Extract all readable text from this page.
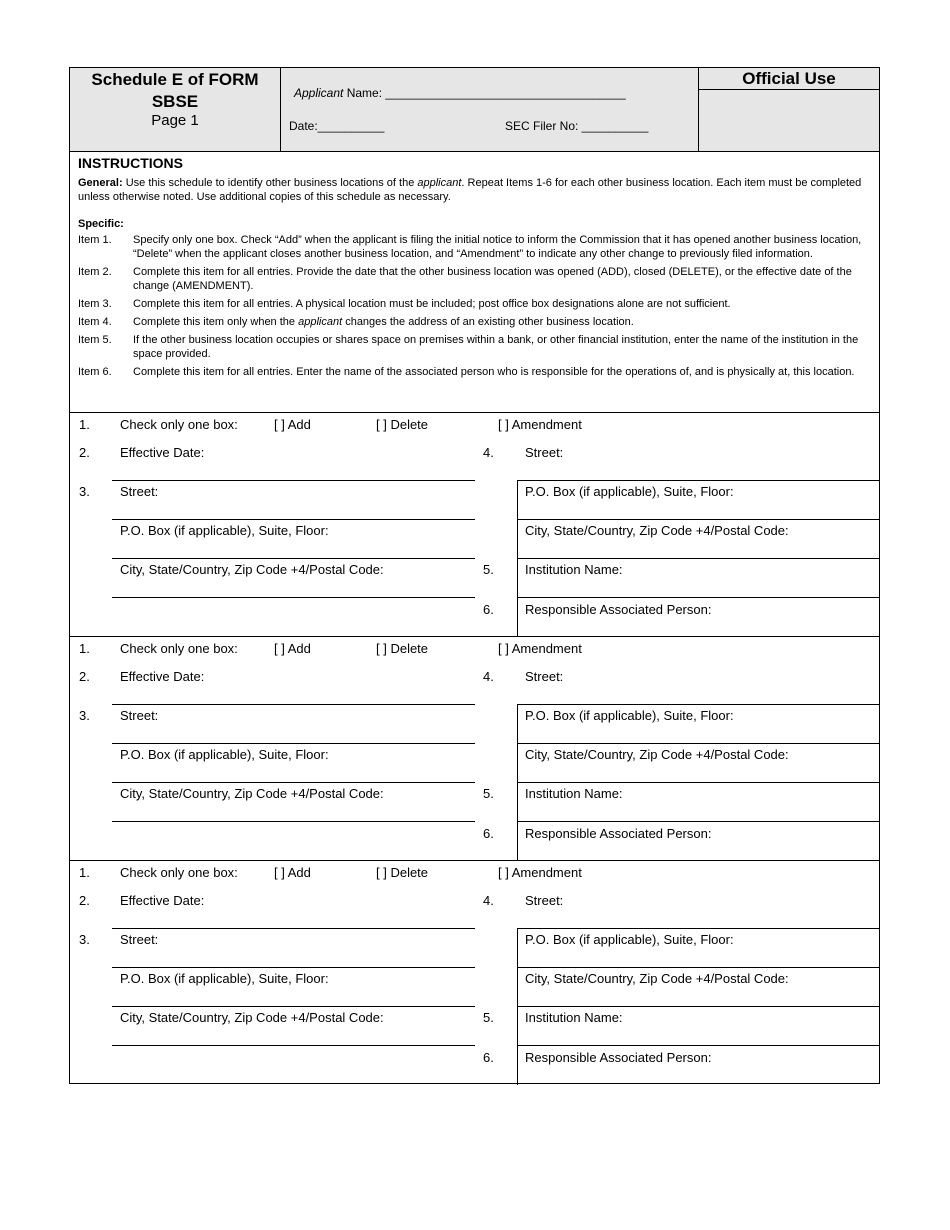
Schedule E of FORM
SBSE
Page 1
Applicant Name: ____________________________________
Date:__________	SEC Filer No: __________
Official Use
INSTRUCTIONS

General: Use this schedule to identify other business locations of the applicant. Repeat Items 1-6 for each other business location. Each item must be completed unless otherwise noted. Use additional copies of this schedule as necessary.

Specific:

Item 1.	Specify only one box. Check “Add” when the applicant is filing the initial notice to inform the Commission that it has opened another business location, “Delete” when the applicant closes another business location, and “Amendment” to indicate any other change to previously filed information.
Item 2.	Complete this item for all entries. Provide the date that the other business location was opened (ADD), closed (DELETE), or the effective date of the change (AMENDMENT).
Item 3.	Complete this item for all entries. A physical location must be included; post office box designations alone are not sufficient.
Item 4.	Complete this item only when the applicant changes the address of an existing other business location.
Item 5.	If the other business location occupies or shares space on premises within a bank, or other financial institution, enter the name of the institution in the space provided.
Item 6.	Complete this item for all entries. Enter the name of the associated person who is responsible for the operations of, and is physically at, this location.
1. Check only one box:	[ ] Add	[ ] Delete	[ ] Amendment
2. Effective Date:
3. Street:
P.O. Box (if applicable), Suite, Floor:
City, State/Country, Zip Code +4/Postal Code:
4. Street:
P.O. Box (if applicable), Suite, Floor:
City, State/Country, Zip Code +4/Postal Code:
5. Institution Name:
6. Responsible Associated Person:
1. Check only one box:	[ ] Add	[ ] Delete	[ ] Amendment
2. Effective Date:
3. Street:
P.O. Box (if applicable), Suite, Floor:
City, State/Country, Zip Code +4/Postal Code:
4. Street:
P.O. Box (if applicable), Suite, Floor:
City, State/Country, Zip Code +4/Postal Code:
5. Institution Name:
6. Responsible Associated Person:
1. Check only one box:	[ ] Add	[ ] Delete	[ ] Amendment
2. Effective Date:
3. Street:
P.O. Box (if applicable), Suite, Floor:
City, State/Country, Zip Code +4/Postal Code:
4. Street:
P.O. Box (if applicable), Suite, Floor:
City, State/Country, Zip Code +4/Postal Code:
5. Institution Name:
6. Responsible Associated Person:
